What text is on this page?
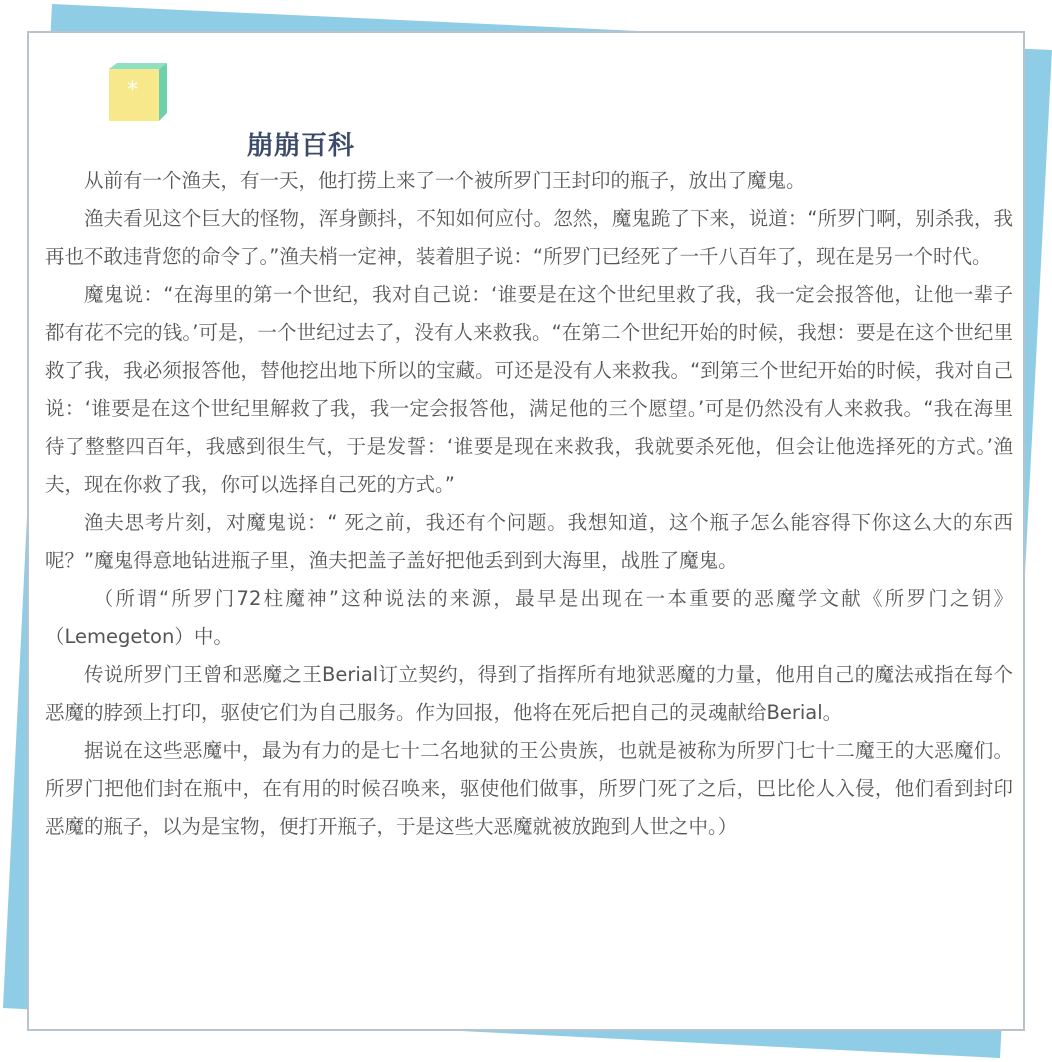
*
崩崩百科

从前有一个渔夫，有一天，他打捞上来了一个被所罗门王封印的瓶子，放出了魔鬼。

渔夫看见这个巨大的怪物，浑身颤抖，不知如何应付。忽然，魔鬼跪了下来，说道：“所罗门啊，别杀我，我再也不敢违背您的命令了。”渔夫梢一定神，装着胆子说：“所罗门已经死了一千八百年了，现在是另一个时代。

魔鬼说：“在海里的第一个世纪，我对自己说：‘谁要是在这个世纪里救了我，我一定会报答他，让他一辈子都有花不完的钱。’可是，一个世纪过去了，没有人来救我。“在第二个世纪开始的时候，我想：要是在这个世纪里救了我，我必须报答他，替他挖出地下所以的宝藏。可还是没有人来救我。“到第三个世纪开始的时候，我对自己说：‘谁要是在这个世纪里解救了我，我一定会报答他，满足他的三个愿望。’可是仍然没有人来救我。“我在海里待了整整四百年，我感到很生气，于是发誓：‘谁要是现在来救我，我就要杀死他，但会让他选择死的方式。’渔夫，现在你救了我，你可以选择自己死的方式。”

渔夫思考片刻，对魔鬼说：“ 死之前，我还有个问题。我想知道，这个瓶子怎么能容得下你这么大的东西呢？”魔鬼得意地钻进瓶子里，渔夫把盖子盖好把他丢到到大海里，战胜了魔鬼。

（所谓“所罗门72柱魔神”这种说法的来源，最早是出现在一本重要的恶魔学文献《所罗门之钥》（Lemegeton）中。

传说所罗门王曾和恶魔之王Berial订立契约，得到了指挥所有地狱恶魔的力量，他用自己的魔法戒指在每个恶魔的脖颈上打印，驱使它们为自己服务。作为回报，他将在死后把自己的灵魂献给Berial。

据说在这些恶魔中，最为有力的是七十二名地狱的王公贵族，也就是被称为所罗门七十二魔王的大恶魔们。所罗门把他们封在瓶中，在有用的时候召唤来，驱使他们做事，所罗门死了之后，巴比伦人入侵，他们看到封印恶魔的瓶子，以为是宝物，便打开瓶子，于是这些大恶魔就被放跑到人世之中。）
